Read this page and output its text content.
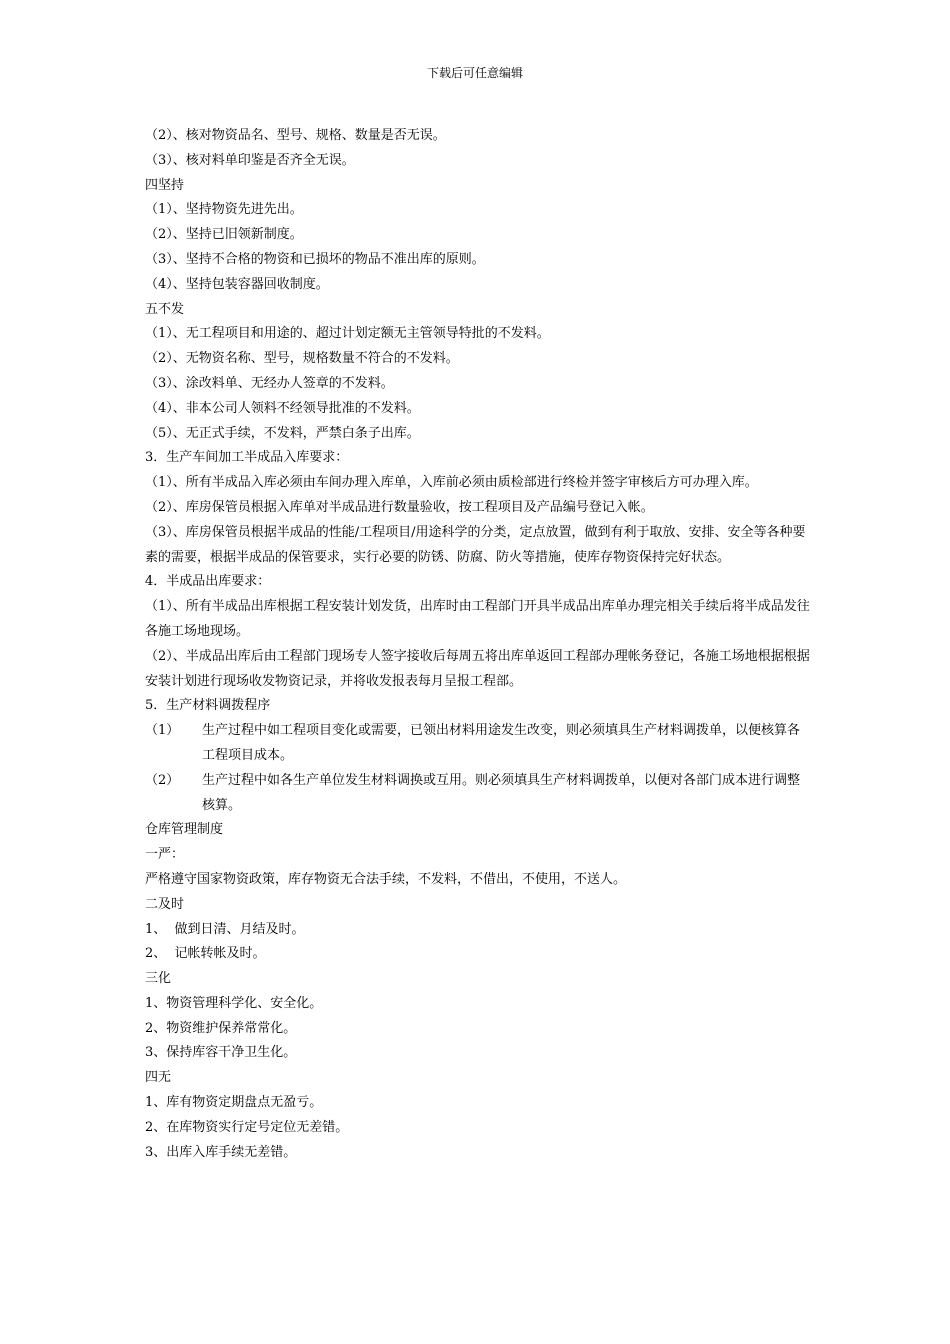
下载后可任意编辑
（2）、核对物资品名、型号、规格、数量是否无误。
（3）、核对料单印鉴是否齐全无误。
四坚持
（1）、坚持物资先进先出。
（2）、坚持已旧领新制度。
（3）、坚持不合格的物资和已损坏的物品不准出库的原则。
（4）、坚持包装容器回收制度。
五不发
（1）、无工程项目和用途的、超过计划定额无主管领导特批的不发料。
（2）、无物资名称、型号，规格数量不符合的不发料。
（3）、涂改料单、无经办人签章的不发料。
（4）、非本公司人领料不经领导批准的不发料。
（5）、无正式手续，不发料，严禁白条子出库。
3．生产车间加工半成品入库要求：
（1）、所有半成品入库必须由车间办理入库单，入库前必须由质检部进行终检并签字审核后方可办理入库。
（2）、库房保管员根据入库单对半成品进行数量验收，按工程项目及产品编号登记入帐。
（3）、库房保管员根据半成品的性能/工程项目/用途科学的分类，定点放置，做到有利于取放、安排、安全等各种要素的需要，根据半成品的保管要求，实行必要的防锈、防腐、防火等措施，使库存物资保持完好状态。
4．半成品出库要求：
（1）、所有半成品出库根据工程安装计划发货，出库时由工程部门开具半成品出库单办理完相关手续后将半成品发往各施工场地现场。
（2）、半成品出库后由工程部门现场专人签字接收后每周五将出库单返回工程部办理帐务登记，各施工场地根据根据安装计划进行现场收发物资记录，并将收发报表每月呈报工程部。
5．生产材料调拨程序
（1）	生产过程中如工程项目变化或需要，已领出材料用途发生改变，则必须填具生产材料调拨单，以便核算各工程项目成本。
（2）	生产过程中如各生产单位发生材料调换或互用。则必须填具生产材料调拨单，以便对各部门成本进行调整核算。
仓库管理制度
一严：
严格遵守国家物资政策，库存物资无合法手续，不发料，不借出，不使用，不送人。
二及时
1、  做到日清、月结及时。
2、  记帐转帐及时。
三化
1、物资管理科学化、安全化。
2、物资维护保养常常化。
3、保持库容干净卫生化。
四无
1、库有物资定期盘点无盈亏。
2、在库物资实行定号定位无差错。
3、出库入库手续无差错。
